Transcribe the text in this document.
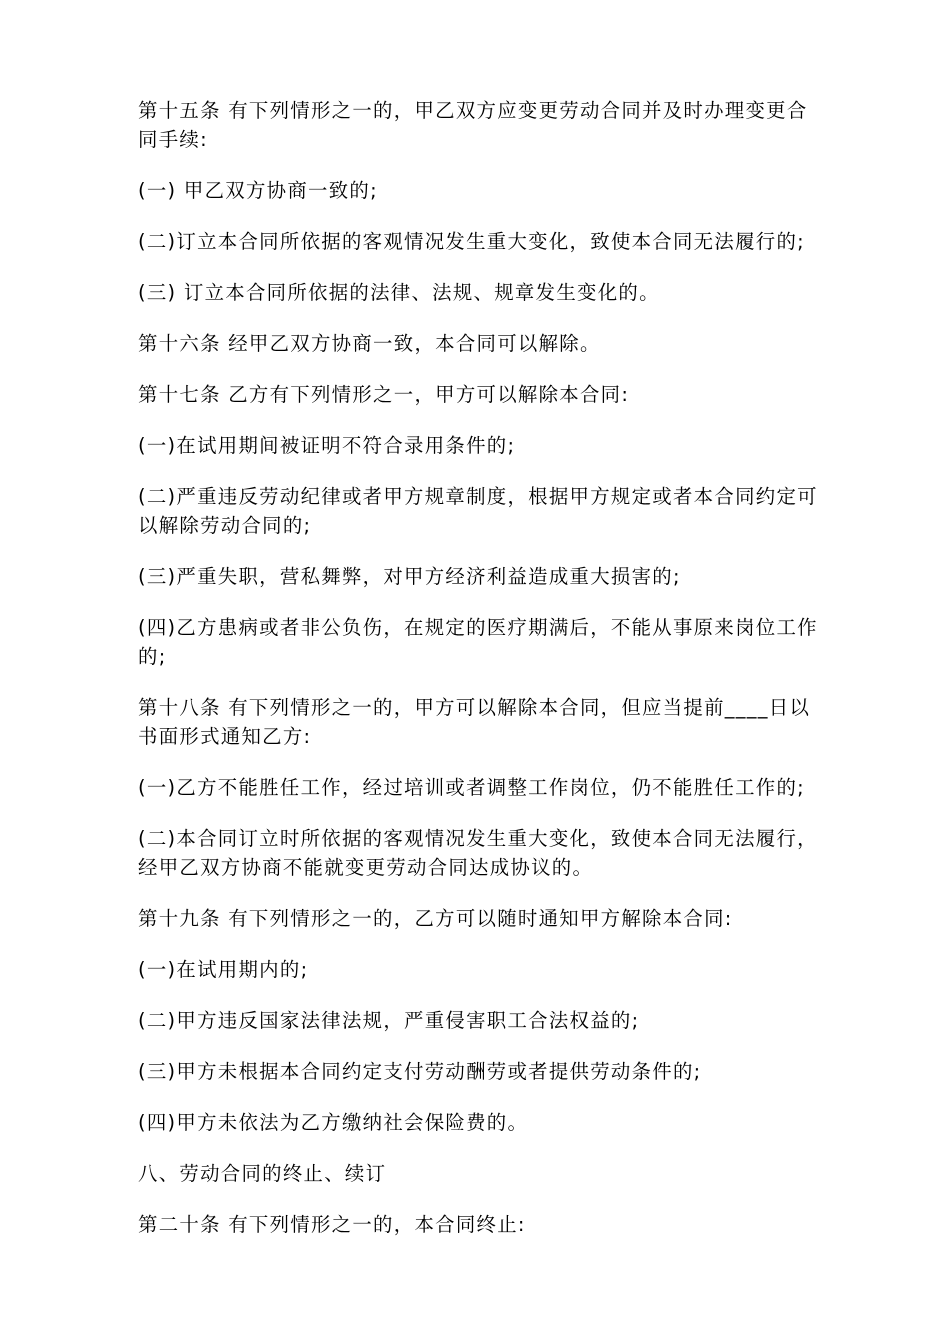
第十五条 有下列情形之一的，甲乙双方应变更劳动合同并及时办理变更合同手续:

(一) 甲乙双方协商一致的;

(二)订立本合同所依据的客观情况发生重大变化，致使本合同无法履行的;

(三) 订立本合同所依据的法律、法规、规章发生变化的。

第十六条 经甲乙双方协商一致，本合同可以解除。

第十七条 乙方有下列情形之一，甲方可以解除本合同:

(一)在试用期间被证明不符合录用条件的;

(二)严重违反劳动纪律或者甲方规章制度，根据甲方规定或者本合同约定可以解除劳动合同的;

(三)严重失职，营私舞弊，对甲方经济利益造成重大损害的;

(四)乙方患病或者非公负伤，在规定的医疗期满后，不能从事原来岗位工作的;

第十八条 有下列情形之一的，甲方可以解除本合同，但应当提前____日以书面形式通知乙方:

(一)乙方不能胜任工作，经过培训或者调整工作岗位，仍不能胜任工作的;

(二)本合同订立时所依据的客观情况发生重大变化，致使本合同无法履行，经甲乙双方协商不能就变更劳动合同达成协议的。

第十九条 有下列情形之一的，乙方可以随时通知甲方解除本合同:

(一)在试用期内的;

(二)甲方违反国家法律法规，严重侵害职工合法权益的;

(三)甲方未根据本合同约定支付劳动酬劳或者提供劳动条件的;

(四)甲方未依法为乙方缴纳社会保险费的。

八、劳动合同的终止、续订

第二十条 有下列情形之一的，本合同终止:
